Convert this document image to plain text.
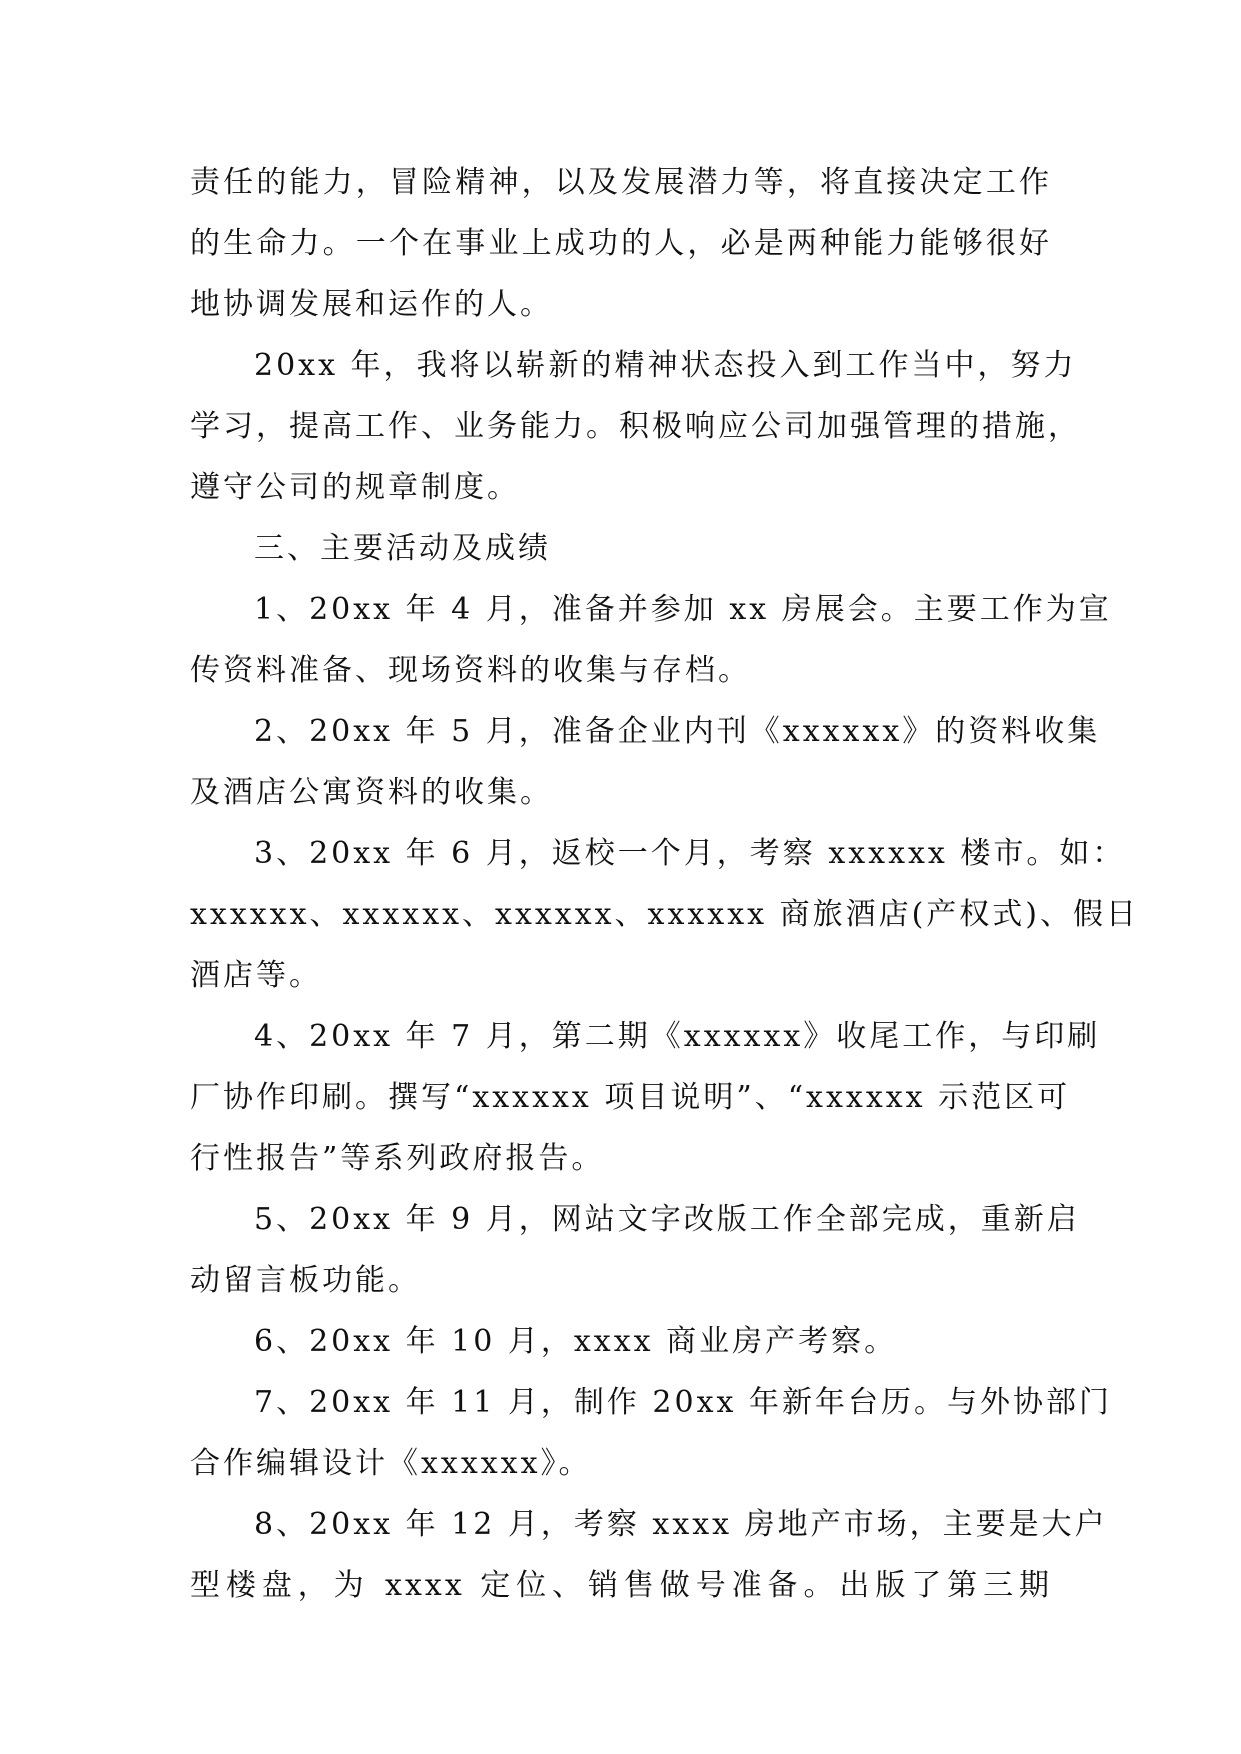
责任的能力，冒险精神，以及发展潜力等，将直接决定工作
的生命力。一个在事业上成功的人，必是两种能力能够很好
地协调发展和运作的人。

20xx 年，我将以崭新的精神状态投入到工作当中，努力
学习，提高工作、业务能力。积极响应公司加强管理的措施，
遵守公司的规章制度。

三、主要活动及成绩

1、20xx 年 4 月，准备并参加 xx 房展会。主要工作为宣
传资料准备、现场资料的收集与存档。

2、20xx 年 5 月，准备企业内刊《xxxxxx》的资料收集
及酒店公寓资料的收集。

3、20xx 年 6 月，返校一个月，考察 xxxxxx 楼市。如：
xxxxxx、xxxxxx、xxxxxx、xxxxxx 商旅酒店(产权式)、假日
酒店等。

4、20xx 年 7 月，第二期《xxxxxx》收尾工作，与印刷
厂协作印刷。撰写“xxxxxx 项目说明”、“xxxxxx 示范区可
行性报告”等系列政府报告。

5、20xx 年 9 月，网站文字改版工作全部完成，重新启
动留言板功能。

6、20xx 年 10 月，xxxx 商业房产考察。

7、20xx 年 11 月，制作 20xx 年新年台历。与外协部门
合作编辑设计《xxxxxx》。

8、20xx 年 12 月，考察 xxxx 房地产市场，主要是大户
型楼盘，为 xxxx 定位、销售做号准备。出版了第三期
